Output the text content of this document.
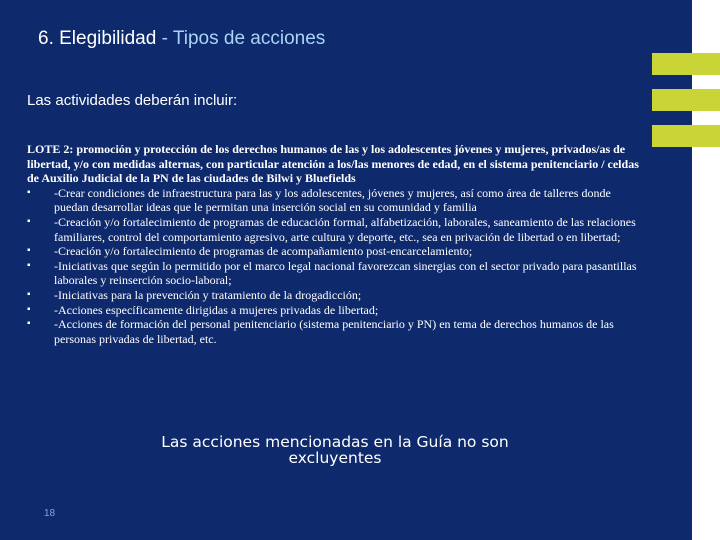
6. Elegibilidad - Tipos de acciones
Las actividades deberán incluir:

LOTE 2: promoción y protección de los derechos humanos de las y los adolescentes jóvenes y mujeres, privados/as de libertad, y/o con medidas alternas, con particular atención a los/las menores de edad, en el sistema penitenciario / celdas de Auxilio Judicial de la PN de las ciudades de Bilwi y Bluefields

▪ -Crear condiciones de infraestructura para las y los adolescentes, jóvenes y mujeres, así como área de talleres donde puedan desarrollar ideas que le permitan una inserción social en su comunidad y familia
▪ -Creación y/o fortalecimiento de programas de educación formal, alfabetización, laborales, saneamiento de las relaciones familiares, control del comportamiento agresivo, arte cultura y deporte, etc., sea en privación de libertad o en libertad;
▪ -Creación y/o fortalecimiento de programas de acompañamiento post-encarcelamiento;
▪ -Iniciativas que según lo permitido por el marco legal nacional favorezcan sinergias con el sector privado para pasantillas laborales y reinserción socio-laboral;
▪ -Iniciativas para la prevención y tratamiento de la drogadicción;
▪ -Acciones específicamente dirigidas a mujeres privadas de libertad;
▪ -Acciones de formación del personal penitenciario (sistema penitenciario y PN) en tema de derechos humanos de las personas privadas de libertad, etc.
Las acciones mencionadas en la Guía no son excluyentes
18
